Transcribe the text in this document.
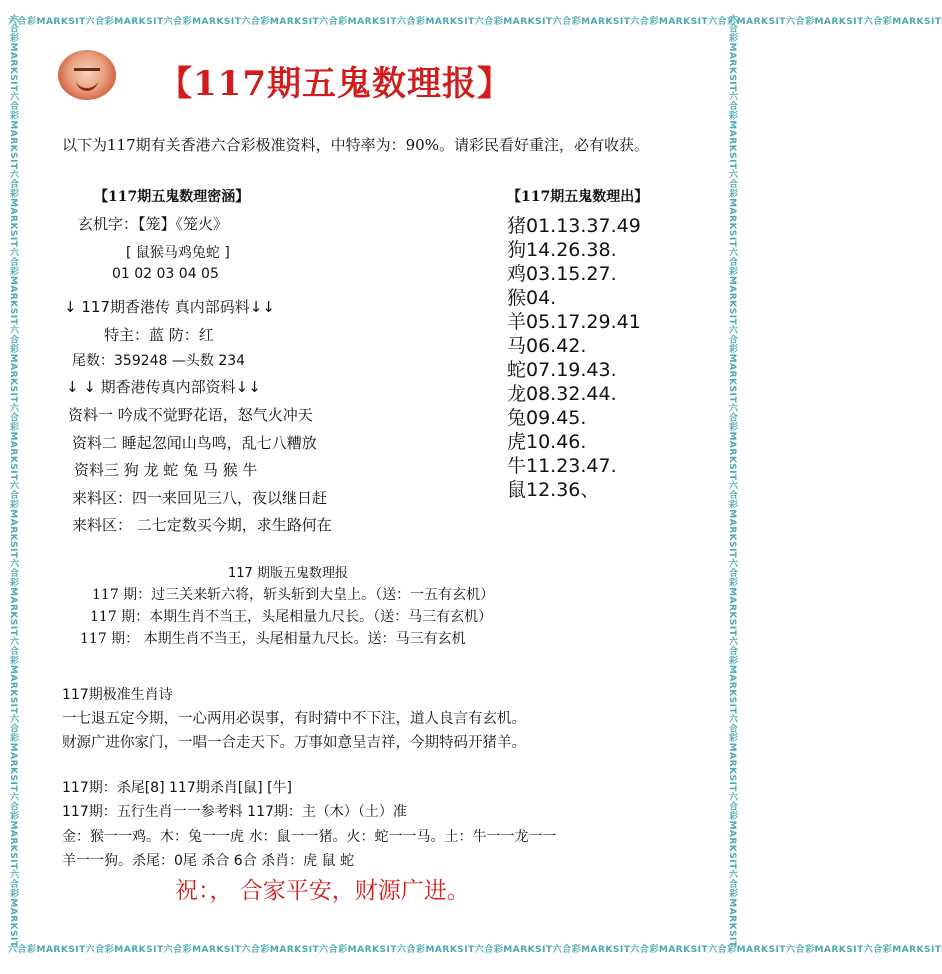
六合彩MARKSIT六合彩MARKSIT六合彩MARKSIT六合彩MARKSIT六合彩MARKSIT六合彩MARKSIT六合彩MARKSIT六合彩MARKSIT六合彩MARKSIT六合彩MARKSIT六合彩MARKSIT六合彩MARKSIT
六合彩MARKSIT六合彩MARKSIT六合彩MARKSIT六合彩MARKSIT六合彩MARKSIT六合彩MARKSIT六合彩MARKSIT六合彩MARKSIT六合彩MARKSIT六合彩MARKSIT六合彩MARKSIT六合彩MARKSIT
六合彩MARKSIT六合彩MARKSIT六合彩MARKSIT六合彩MARKSIT六合彩MARKSIT六合彩MARKSIT六合彩MARKSIT六合彩MARKSIT六合彩MARKSIT六合彩MARKSIT六合彩MARKSIT六合彩MARKSIT	六合彩MARKSIT六合彩MARKSIT六合彩MARKSIT六合彩MARKSIT六合彩MARKSIT六合彩MARKSIT六合彩MARKSIT六合彩MARKSIT六合彩MARKSIT六合彩MARKSIT六合彩MARKSIT六合彩MARKSIT
【117期五鬼数理报】
以下为117期有关香港六合彩极准资料，中特率为：90%。请彩民看好重注，必有收获。
【117期五鬼数理密涵】
玄机字：【笼】《笼火》
[ 鼠猴马鸡兔蛇 ]
01 02 03 04 05
↓ 117期香港传 真内部码料↓↓
特主：蓝 防：红
尾数：359248 —头数 234
↓ ↓ 期香港传真内部资料↓↓
资料一 吟成不觉野花语，怒气火冲天
资料二 睡起忽闻山鸟鸣，乱七八糟放
资料三 狗 龙 蛇 兔 马 猴 牛
来料区：四一来回见三八，夜以继日赶
来料区： 二七定数买今期，求生路何在
【117期五鬼数理出】
猪01.13.37.49
狗14.26.38.
鸡03.15.27.
猴04.
羊05.17.29.41
马06.42.
蛇07.19.43.
龙08.32.44.
兔09.45.
虎10.46.
牛11.23.47.
鼠12.36、
117 期版五鬼数理报
117 期：过三关来斩六将，斩头斩到大皇上。（送：一五有玄机）
117 期：本期生肖不当王，头尾相量九尺长。（送：马三有玄机）
117 期： 本期生肖不当王，头尾相量九尺长。送：马三有玄机
117期极准生肖诗
一七退五定今期，一心两用必误事，有时猜中不下注，道人良言有玄机。
财源广进你家门，一唱一合走天下。万事如意呈吉祥，今期特码开猪羊。
117期：杀尾[8] 117期杀肖[鼠] [牛]
117期：五行生肖一一参考料 117期：主（木）（土）准
金：猴一一鸡。木：兔一一虎 水：鼠一一猪。火：蛇一一马。土：牛一一龙一一
羊一一狗。杀尾：0尾 杀合 6合 杀肖：虎 鼠 蛇
祝：， 合家平安，财源广进。
